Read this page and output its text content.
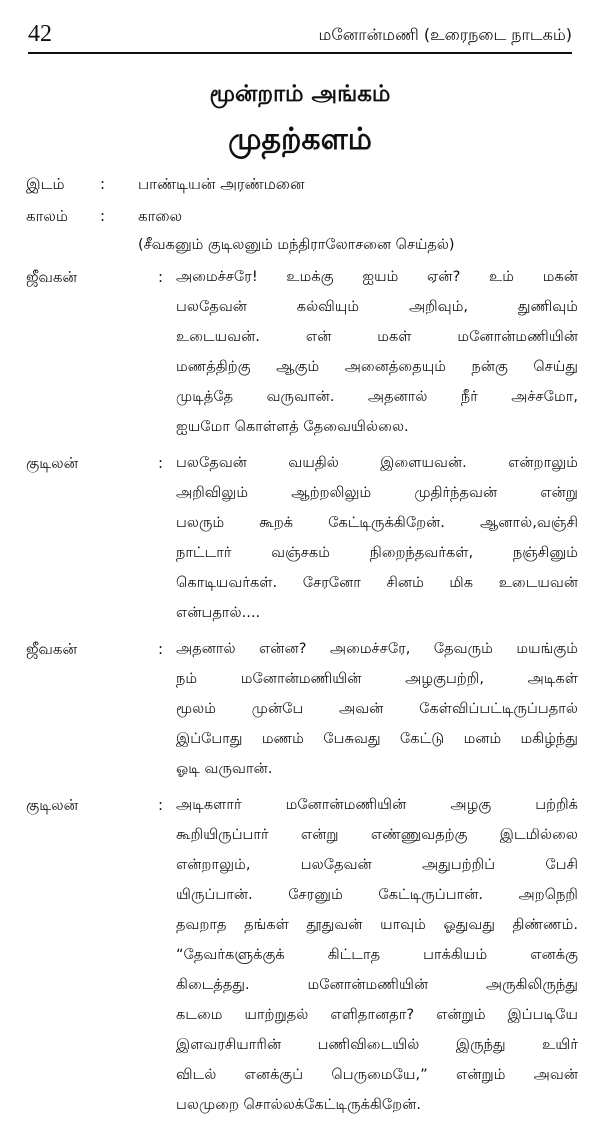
42	மனோன்மணி (உரைநடை நாடகம்)
மூன்றாம் அங்கம்
முதற்களம்
இடம் : பாண்டியன் அரண்மனை
காலம் : காலை
(சீவகனும் குடிலனும் மந்திராலோசனை செய்தல்)
ஜீவகன்	: அமைச்சரே! உமக்கு ஐயம் ஏன்? உம் மகன்
பலதேவன் கல்வியும் அறிவும், துணிவும்
உடையவன். என் மகள் மனோன்மணியின்
மணத்திற்கு ஆகும் அனைத்தையும் நன்கு செய்து
முடித்தே வருவான். அதனால் நீர் அச்சமோ,
ஐயமோ கொள்ளத் தேவையில்லை.
குடிலன்	: பலதேவன் வயதில் இளையவன். என்றாலும்
அறிவிலும் ஆற்றலிலும் முதிர்ந்தவன் என்று
பலரும் கூறக் கேட்டிருக்கிறேன். ஆனால்,வஞ்சி
நாட்டார் வஞ்சகம் நிறைந்தவர்கள், நஞ்சினும்
கொடியவர்கள். சேரனோ சினம் மிக உடையவன்
என்பதால்....
ஜீவகன்	: அதனால் என்ன? அமைச்சரே, தேவரும் மயங்கும்
நம் மனோன்மணியின் அழகுபற்றி, அடிகள்
மூலம் முன்பே அவன் கேள்விப்பட்டிருப்பதால்
இப்போது மணம் பேசுவது கேட்டு மனம் மகிழ்ந்து
ஓடி வருவான்.
குடிலன்	: அடிகளார் மனோன்மணியின் அழகு பற்றிக்
கூறியிருப்பார் என்று எண்ணுவதற்கு இடமில்லை
என்றாலும், பலதேவன் அதுபற்றிப் பேசி
யிருப்பான். சேரனும் கேட்டிருப்பான். அறநெறி
தவறாத தங்கள் தூதுவன் யாவும் ஓதுவது திண்ணம்.
“தேவர்களுக்குக் கிட்டாத பாக்கியம் எனக்கு
கிடைத்தது. மனோன்மணியின் அருகிலிருந்து
கடமை யாற்றுதல் எளிதானதா? என்றும் இப்படியே
இளவரசியாரின் பணிவிடையில் இருந்து உயிர்
விடல் எனக்குப் பெருமையே,” என்றும் அவன்
பலமுறை சொல்லக்கேட்டிருக்கிறேன்.
